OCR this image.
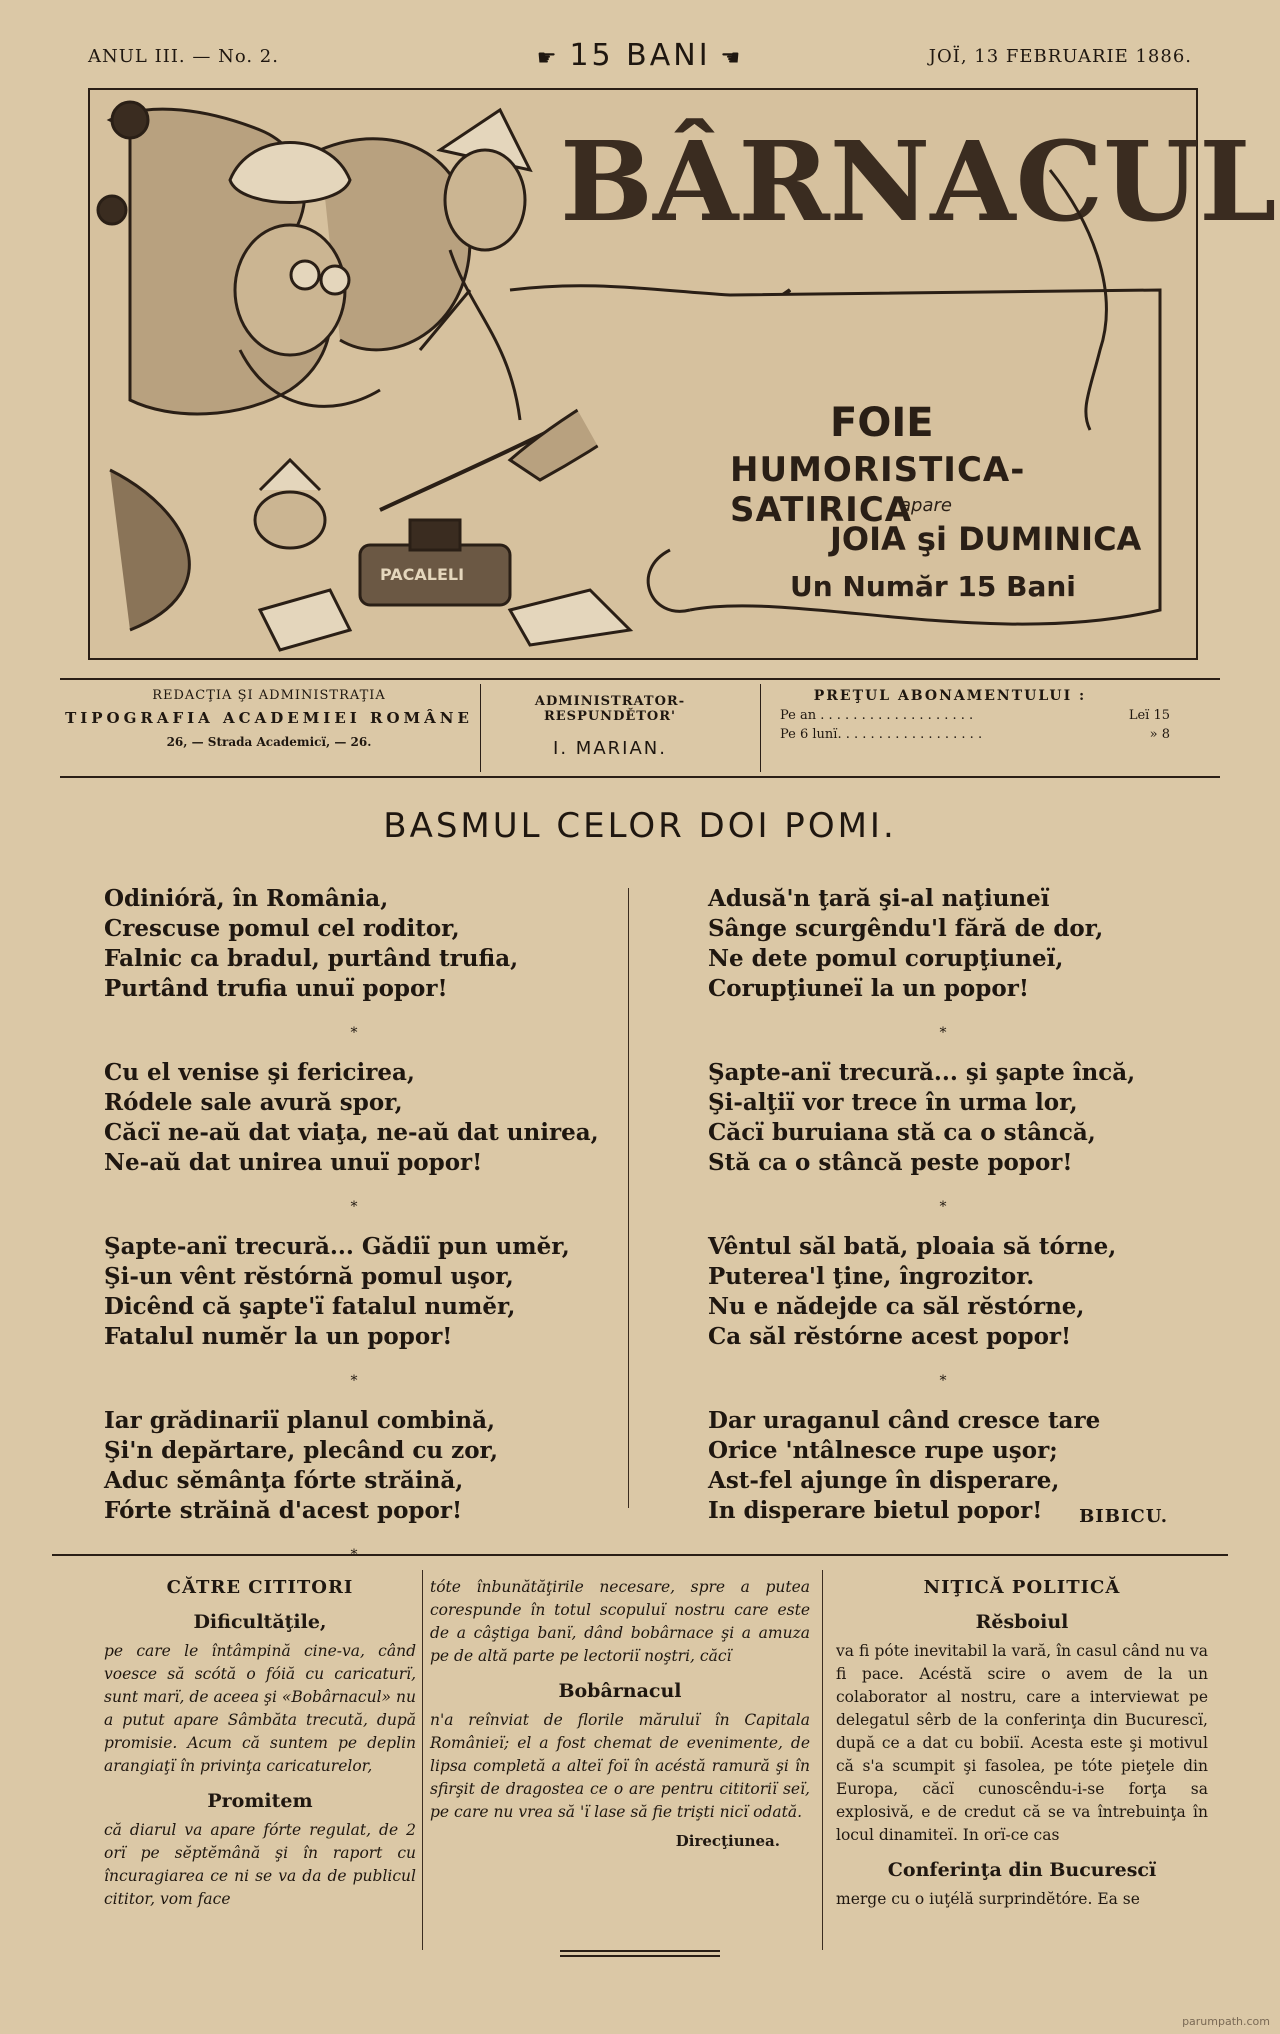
ANUL III. — No. 2.	☛ 15 BANI ☚	JOÏ, 13 FEBRUARIE 1886.
BÂRNACUL
FOIE
HUMORISTICA-SATIRICA
apare
JOIA şi DUMINICA
Un Număr 15 Bani
PACALELI
REDACŢIA ŞI ADMINISTRAŢIA
TIPOGRAFIA ACADEMIEI ROMÂNE
26, — Strada Academicï, — 26.
ADMINISTRATOR-RESPUNDĔTOR'
I. MARIAN.
PREŢUL ABONAMENTULUI :
Pe an . . . . . . . . . . . . . . . . . . .	Leï 15
Pe 6 lunï. . . . . . . . . . . . . . . . . .	» 8
BASMUL CELOR DOI POMI.
Odinióră, în România,
Crescuse pomul cel roditor,
Falnic ca bradul, purtând trufia,
Purtând trufia unuï popor!
*
Cu el venise şi fericirea,
Ródele sale avură spor,
Căcï ne-aŭ dat viaţa, ne-aŭ dat unirea,
Ne-aŭ dat unirea unuï popor!
*
Şapte-anï trecură... Gădiï pun umĕr,
Şi-un vênt rĕstórnă pomul uşor,
Dicênd că şapte'ï fatalul numĕr,
Fatalul numĕr la un popor!
*
Iar grădinariï planul combină,
Şi'n depărtare, plecând cu zor,
Aduc sĕmânţa fórte străină,
Fórte străină d'acest popor!
Adusă'n ţară şi-al naţiuneï
Sânge scurgêndu'l fără de dor,
Ne dete pomul corupţiuneï,
Corupţiuneï la un popor!
*
Şapte-anï trecură... şi şapte încă,
Şi-alţiï vor trece în urma lor,
Căcï buruiana stă ca o stâncă,
Stă ca o stâncă peste popor!
*
Vêntul săl bată, ploaia să tórne,
Puterea'l ţine, îngrozitor.
Nu e nădejde ca săl rĕstórne,
Ca săl rĕstórne acest popor!
*
Dar uraganul când cresce tare
Orice 'ntâlnesce rupe uşor;
Ast-fel ajunge în disperare,
In disperare bietul popor!	BIBICU.
CĂTRE CITITORI
Dificultăţile,
pe care le întâmpină cine-va, când voesce să scótă o fóiă cu caricaturï, sunt marï, de aceea şi «Bobârnacul» nu a putut apare Sâmbăta trecută, după promisie. Acum că suntem pe deplin arangiaţï în privinţa caricaturelor,
Promitem
că diarul va apare fórte regulat, de 2 orï pe sĕptĕmână şi în raport cu încuragiarea ce ni se va da de publicul cititor, vom face
tóte înbunătăţirile necesare, spre a putea corespunde în totul scopuluï nostru care este de a câştiga banï, dând bobârnace şi a amuza pe de altă parte pe lectoriï noştri, căcï
Bobârnacul
n'a reînviat de florile măruluï în Capitala Românieï; el a fost chemat de evenimente, de lipsa completă a alteï foï în acéstă ramură şi în sfirşit de dragostea ce o are pentru cititoriï seï, pe care nu vrea să 'ï lase să fie trişti nicï odată.
Direcţiunea.
NIŢICĂ POLITICĂ
Rĕsboiul
va fi póte inevitabil la vară, în casul când nu va fi pace. Acéstă scire o avem de la un colaborator al nostru, care a interviewat pe delegatul sêrb de la conferinţa din Bucurescï, după ce a dat cu bobiï. Acesta este şi motivul că s'a scumpit şi fasolea, pe tóte pieţele din Europa, căcï cunoscêndu-i-se forţa sa explosivă, e de credut că se va întrebuinţa în locul dinamiteï. In orï-ce cas
Conferinţa din Bucurescï
merge cu o iuţélă surprindĕtóre. Ea se
parumpath.com
